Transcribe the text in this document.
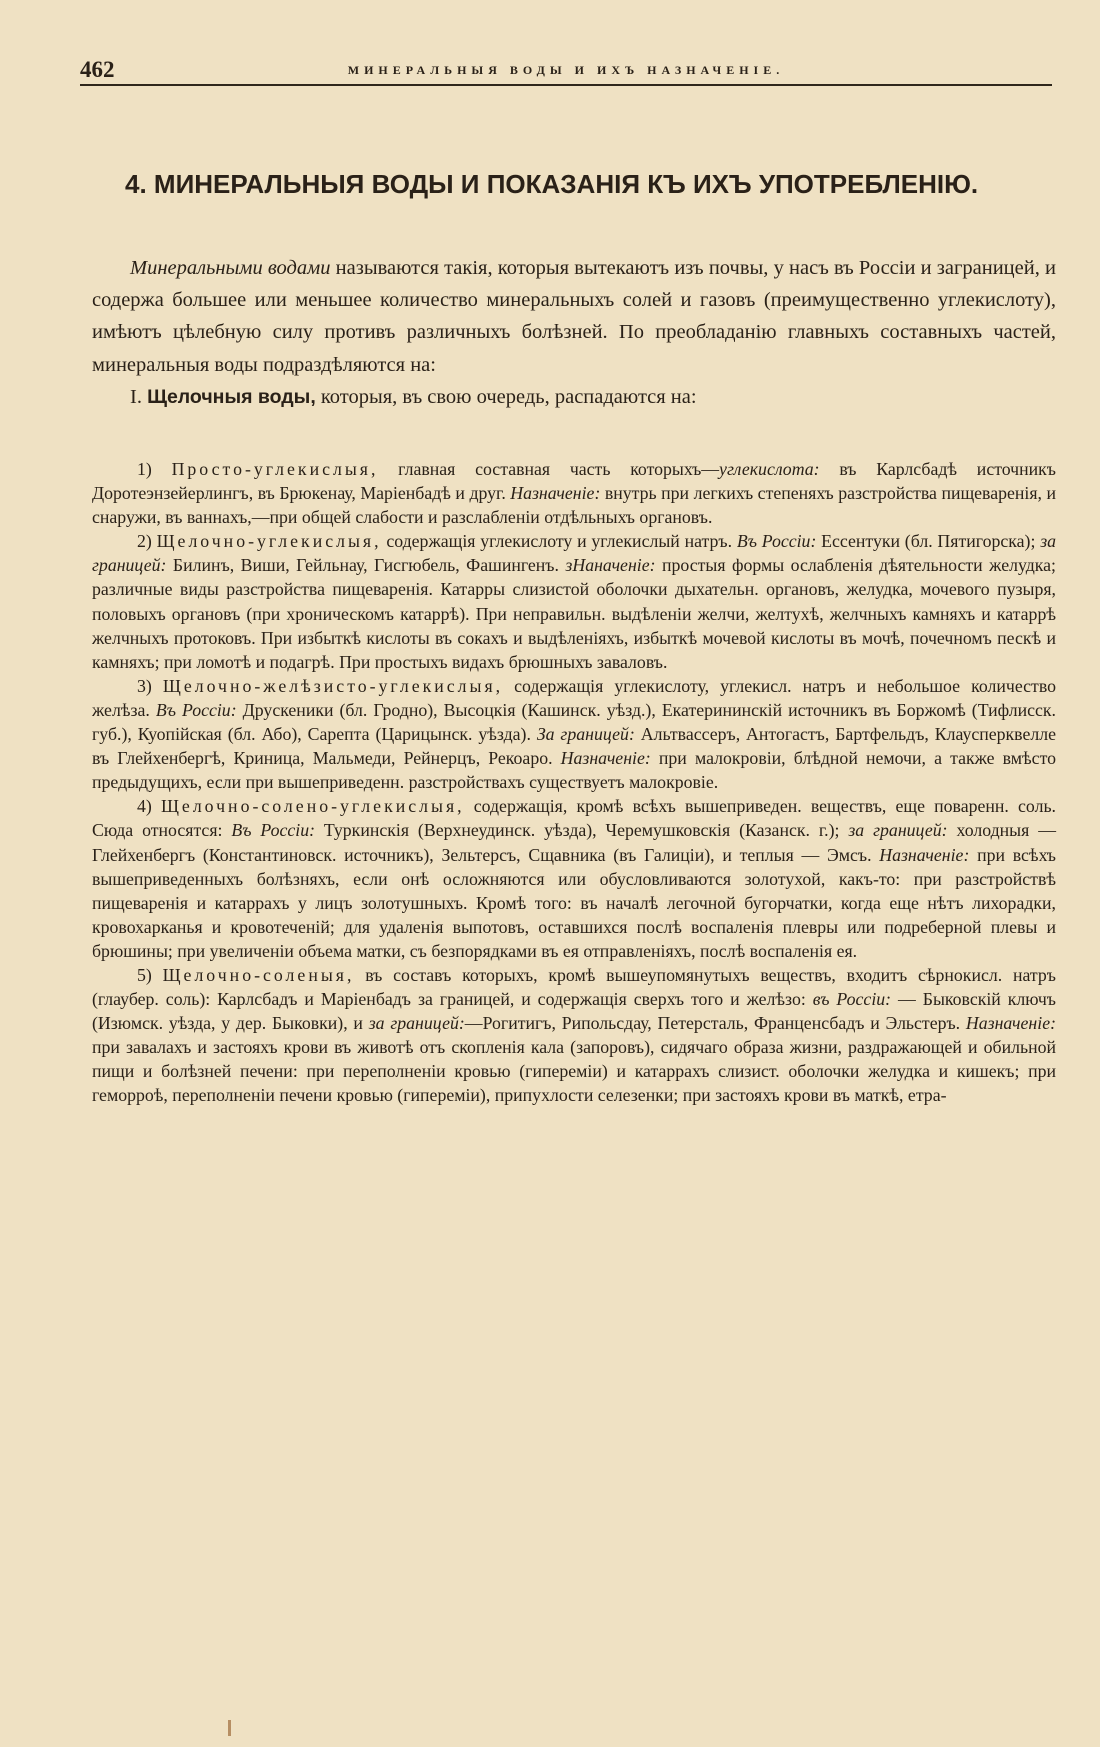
462	МИНЕРАЛЬНЫЯ ВОДЫ И ИХЪ НАЗНАЧЕНІЕ.
4. МИНЕРАЛЬНЫЯ ВОДЫ И ПОКАЗАНІЯ КЪ ИХЪ УПОТРЕБЛЕНІЮ.

Минеральными водами называются такія, которыя вытекаютъ изъ почвы, у насъ въ Россіи и заграницей, и содержа большее или меньшее количество минеральныхъ солей и газовъ (преимущественно углекислоту), имѣютъ цѣлебную силу противъ различныхъ болѣзней. По преобладанію главныхъ составныхъ частей, минеральныя воды подраздѣляются на:

I. Щелочныя воды, которыя, въ свою очередь, распадаются на:

1) Просто-углекислыя, главная составная часть которыхъ—углекислота: въ Карлсбадѣ источникъ Доротеэнзейерлингъ, въ Брюкенау, Маріенбадѣ и друг. Назначеніе: внутрь при легкихъ степеняхъ разстройства пищеваренія, и снаружи, въ ваннахъ,—при общей слабости и разслабленіи отдѣльныхъ органовъ.

2) Щелочно-углекислыя, содержащія углекислоту и углекислый натръ. Въ Россіи: Ессентуки (бл. Пятигорска); за границей: Билинъ, Виши, Гейльнау, Гисгюбель, Фашингенъ. зНаначеніе: простыя формы ослабленія дѣятельности желудка; различные виды разстройства пищеваренія. Катарры слизистой оболочки дыхательн. органовъ, желудка, мочевого пузыря, половыхъ органовъ (при хроническомъ катаррѣ). При неправильн. выдѣленіи желчи, желтухѣ, желчныхъ камняхъ и катаррѣ желчныхъ протоковъ. При избыткѣ кислоты въ сокахъ и выдѣленіяхъ, избыткѣ мочевой кислоты въ мочѣ, почечномъ пескѣ и камняхъ; при ломотѣ и подагрѣ. При простыхъ видахъ брюшныхъ заваловъ.

3) Щелочно-желѣзисто-углекислыя, содержащія углекислоту, углекисл. натръ и небольшое количество желѣза. Въ Россіи: Друскеники (бл. Гродно), Высоцкія (Кашинск. уѣзд.), Екатерининскій источникъ въ Боржомѣ (Тифлисск. губ.), Куопійская (бл. Або), Сарепта (Царицынск. уѣзда). За границей: Альтвассеръ, Антогастъ, Бартфельдъ, Клаусперквелле въ Глейхенбергѣ, Криница, Мальмеди, Рейнерцъ, Рекоаро. Назначеніе: при малокровіи, блѣдной немочи, а также вмѣсто предыдущихъ, если при вышеприведенн. разстройствахъ существуетъ малокровіе.

4) Щелочно-солено-углекислыя, содержащія, кромѣ всѣхъ вышеприведен. веществъ, еще поваренн. соль. Сюда относятся: Въ Россіи: Туркинскія (Верхнеудинск. уѣзда), Черемушковскія (Казанск. г.); за границей: холодныя — Глейхенбергъ (Константиновск. источникъ), Зельтерсъ, Сщавника (въ Галиціи), и теплыя — Эмсъ. Назначеніе: при всѣхъ вышеприведенныхъ болѣзняхъ, если онѣ осложняются или обусловливаются золотухой, какъ-то: при разстройствѣ пищеваренія и катаррахъ у лицъ золотушныхъ. Кромѣ того: въ началѣ легочной бугорчатки, когда еще нѣтъ лихорадки, кровохарканья и кровотеченій; для удаленія выпотовъ, оставшихся послѣ воспаленія плевры или подреберной плевы и брюшины; при увеличеніи объема матки, съ безпорядками въ ея отправленіяхъ, послѣ воспаленія ея.

5) Щелочно-соленыя, въ составъ которыхъ, кромѣ вышеупомянутыхъ веществъ, входитъ сѣрнокисл. натръ (глаубер. соль): Карлсбадъ и Маріенбадъ за границей, и содержащія сверхъ того и желѣзо: въ Россіи: — Быковскій ключъ (Изюмск. уѣзда, у дер. Быковки), и за границей:—Рогитигъ, Рипольсдау, Петерсталь, Франценсбадъ и Эльстеръ. Назначеніе: при завалахъ и застояхъ крови въ животѣ отъ скопленія кала (запоровъ), сидячаго образа жизни, раздражающей и обильной пищи и болѣзней печени: при переполненіи кровью (гипереміи) и катаррахъ слизист. оболочки желудка и кишекъ; при геморроѣ, переполненіи печени кровью (гипереміи), припухлости селезенки; при застояхъ крови въ маткѣ, етра-
